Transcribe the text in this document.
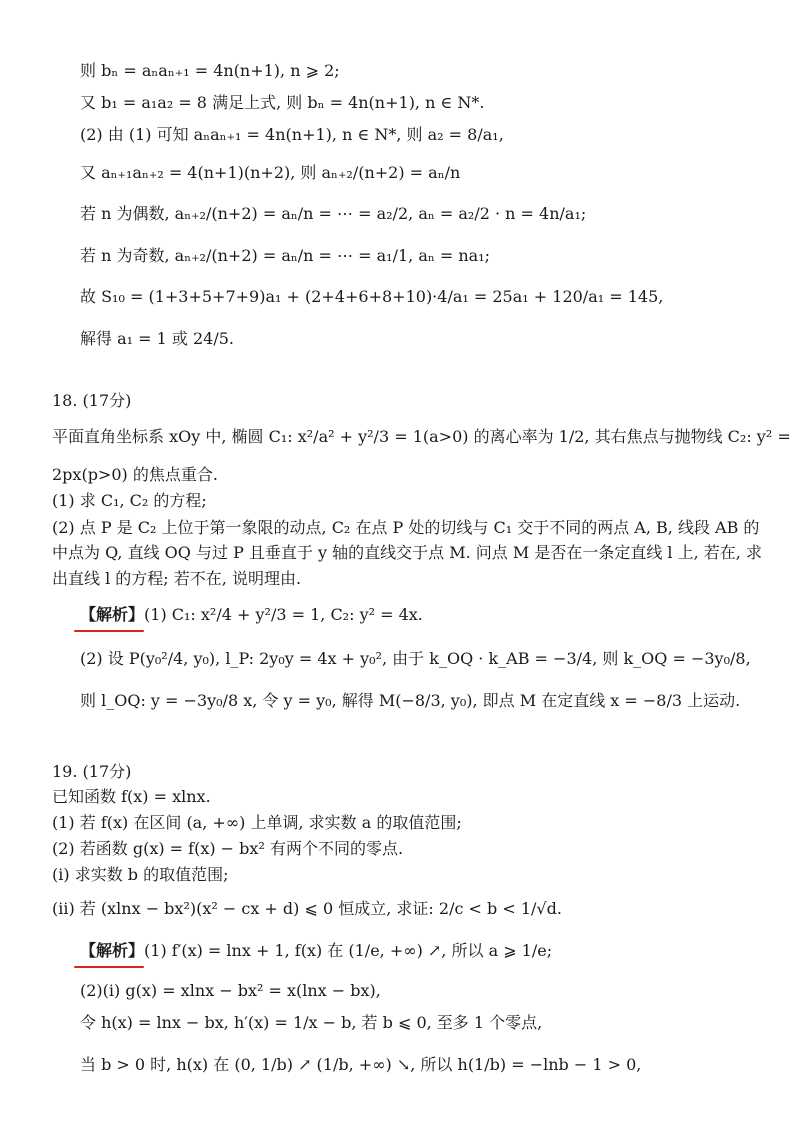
则 bₙ = aₙaₙ₊₁ = 4n(n+1), n ⩾ 2;
又 b₁ = a₁a₂ = 8 满足上式, 则 bₙ = 4n(n+1), n ∈ N*.
(2) 由 (1) 可知 aₙaₙ₊₁ = 4n(n+1), n ∈ N*, 则 a₂ = 8/a₁,
又 aₙ₊₁aₙ₊₂ = 4(n+1)(n+2), 则 aₙ₊₂/(n+2) = aₙ/n
若 n 为偶数, aₙ₊₂/(n+2) = aₙ/n = ⋯ = a₂/2, aₙ = a₂/2 · n = 4n/a₁;
若 n 为奇数, aₙ₊₂/(n+2) = aₙ/n = ⋯ = a₁/1, aₙ = na₁;
故 S₁₀ = (1+3+5+7+9)a₁ + (2+4+6+8+10)·4/a₁ = 25a₁ + 120/a₁ = 145,
解得 a₁ = 1 或 24/5.
18. (17分)
平面直角坐标系 xOy 中, 椭圆 C₁: x²/a² + y²/3 = 1(a>0) 的离心率为 1/2, 其右焦点与抛物线 C₂: y² =
2px(p>0) 的焦点重合.
(1) 求 C₁, C₂ 的方程;
(2) 点 P 是 C₂ 上位于第一象限的动点, C₂ 在点 P 处的切线与 C₁ 交于不同的两点 A, B, 线段 AB 的
中点为 Q, 直线 OQ 与过 P 且垂直于 y 轴的直线交于点 M. 问点 M 是否在一条定直线 l 上, 若在, 求
出直线 l 的方程; 若不在, 说明理由.
【解析】
(1) C₁: x²/4 + y²/3 = 1, C₂: y² = 4x.
(2) 设 P(y₀²/4, y₀), l_P: 2y₀y = 4x + y₀², 由于 k_OQ · k_AB = −3/4, 则 k_OQ = −3y₀/8,
则 l_OQ: y = −3y₀/8 x, 令 y = y₀, 解得 M(−8/3, y₀), 即点 M 在定直线 x = −8/3 上运动.
19. (17分)
已知函数 f(x) = xlnx.
(1) 若 f(x) 在区间 (a, +∞) 上单调, 求实数 a 的取值范围;
(2) 若函数 g(x) = f(x) − bx² 有两个不同的零点.
(i) 求实数 b 的取值范围;
(ii) 若 (xlnx − bx²)(x² − cx + d) ⩽ 0 恒成立, 求证: 2/c < b < 1/√d.
【解析】
(1) f′(x) = lnx + 1, f(x) 在 (1/e, +∞) ↗, 所以 a ⩾ 1/e;
(2)(i) g(x) = xlnx − bx² = x(lnx − bx),
令 h(x) = lnx − bx, h′(x) = 1/x − b, 若 b ⩽ 0, 至多 1 个零点,
当 b > 0 时, h(x) 在 (0, 1/b) ↗ (1/b, +∞) ↘, 所以 h(1/b) = −lnb − 1 > 0,
